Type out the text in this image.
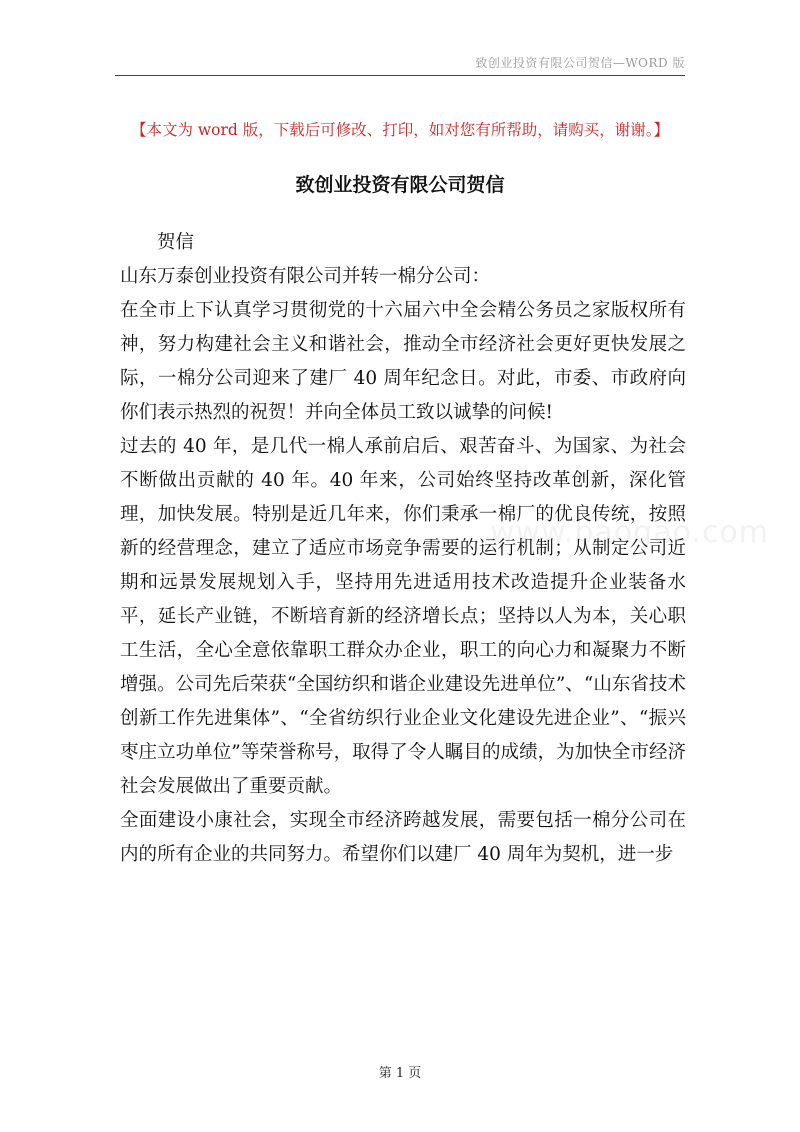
致创业投资有限公司贺信—WORD 版
【本文为 word 版，下载后可修改、打印，如对您有所帮助，请购买，谢谢。】
致创业投资有限公司贺信

贺信

山东万泰创业投资有限公司并转一棉分公司：

在全市上下认真学习贯彻党的十六届六中全会精公务员之家版权所有神，努力构建社会主义和谐社会，推动全市经济社会更好更快发展之际，一棉分公司迎来了建厂 40 周年纪念日。对此，市委、市政府向你们表示热烈的祝贺！并向全体员工致以诚挚的问候!

过去的 40 年，是几代一棉人承前启后、艰苦奋斗、为国家、为社会不断做出贡献的 40 年。40 年来，公司始终坚持改革创新，深化管理，加快发展。特别是近几年来，你们秉承一棉厂的优良传统，按照新的经营理念，建立了适应市场竞争需要的运行机制；从制定公司近期和远景发展规划入手，坚持用先进适用技术改造提升企业装备水平，延长产业链，不断培育新的经济增长点；坚持以人为本，关心职工生活，全心全意依靠职工群众办企业，职工的向心力和凝聚力不断增强。公司先后荣获“全国纺织和谐企业建设先进单位”、“山东省技术创新工作先进集体”、“全省纺织行业企业文化建设先进企业”、“振兴枣庄立功单位”等荣誉称号，取得了令人瞩目的成绩，为加快全市经济社会发展做出了重要贡献。

全面建设小康社会，实现全市经济跨越发展，需要包括一棉分公司在内的所有企业的共同努力。希望你们以建厂 40 周年为契机，进一步

www.baogao.com
第 1 页
